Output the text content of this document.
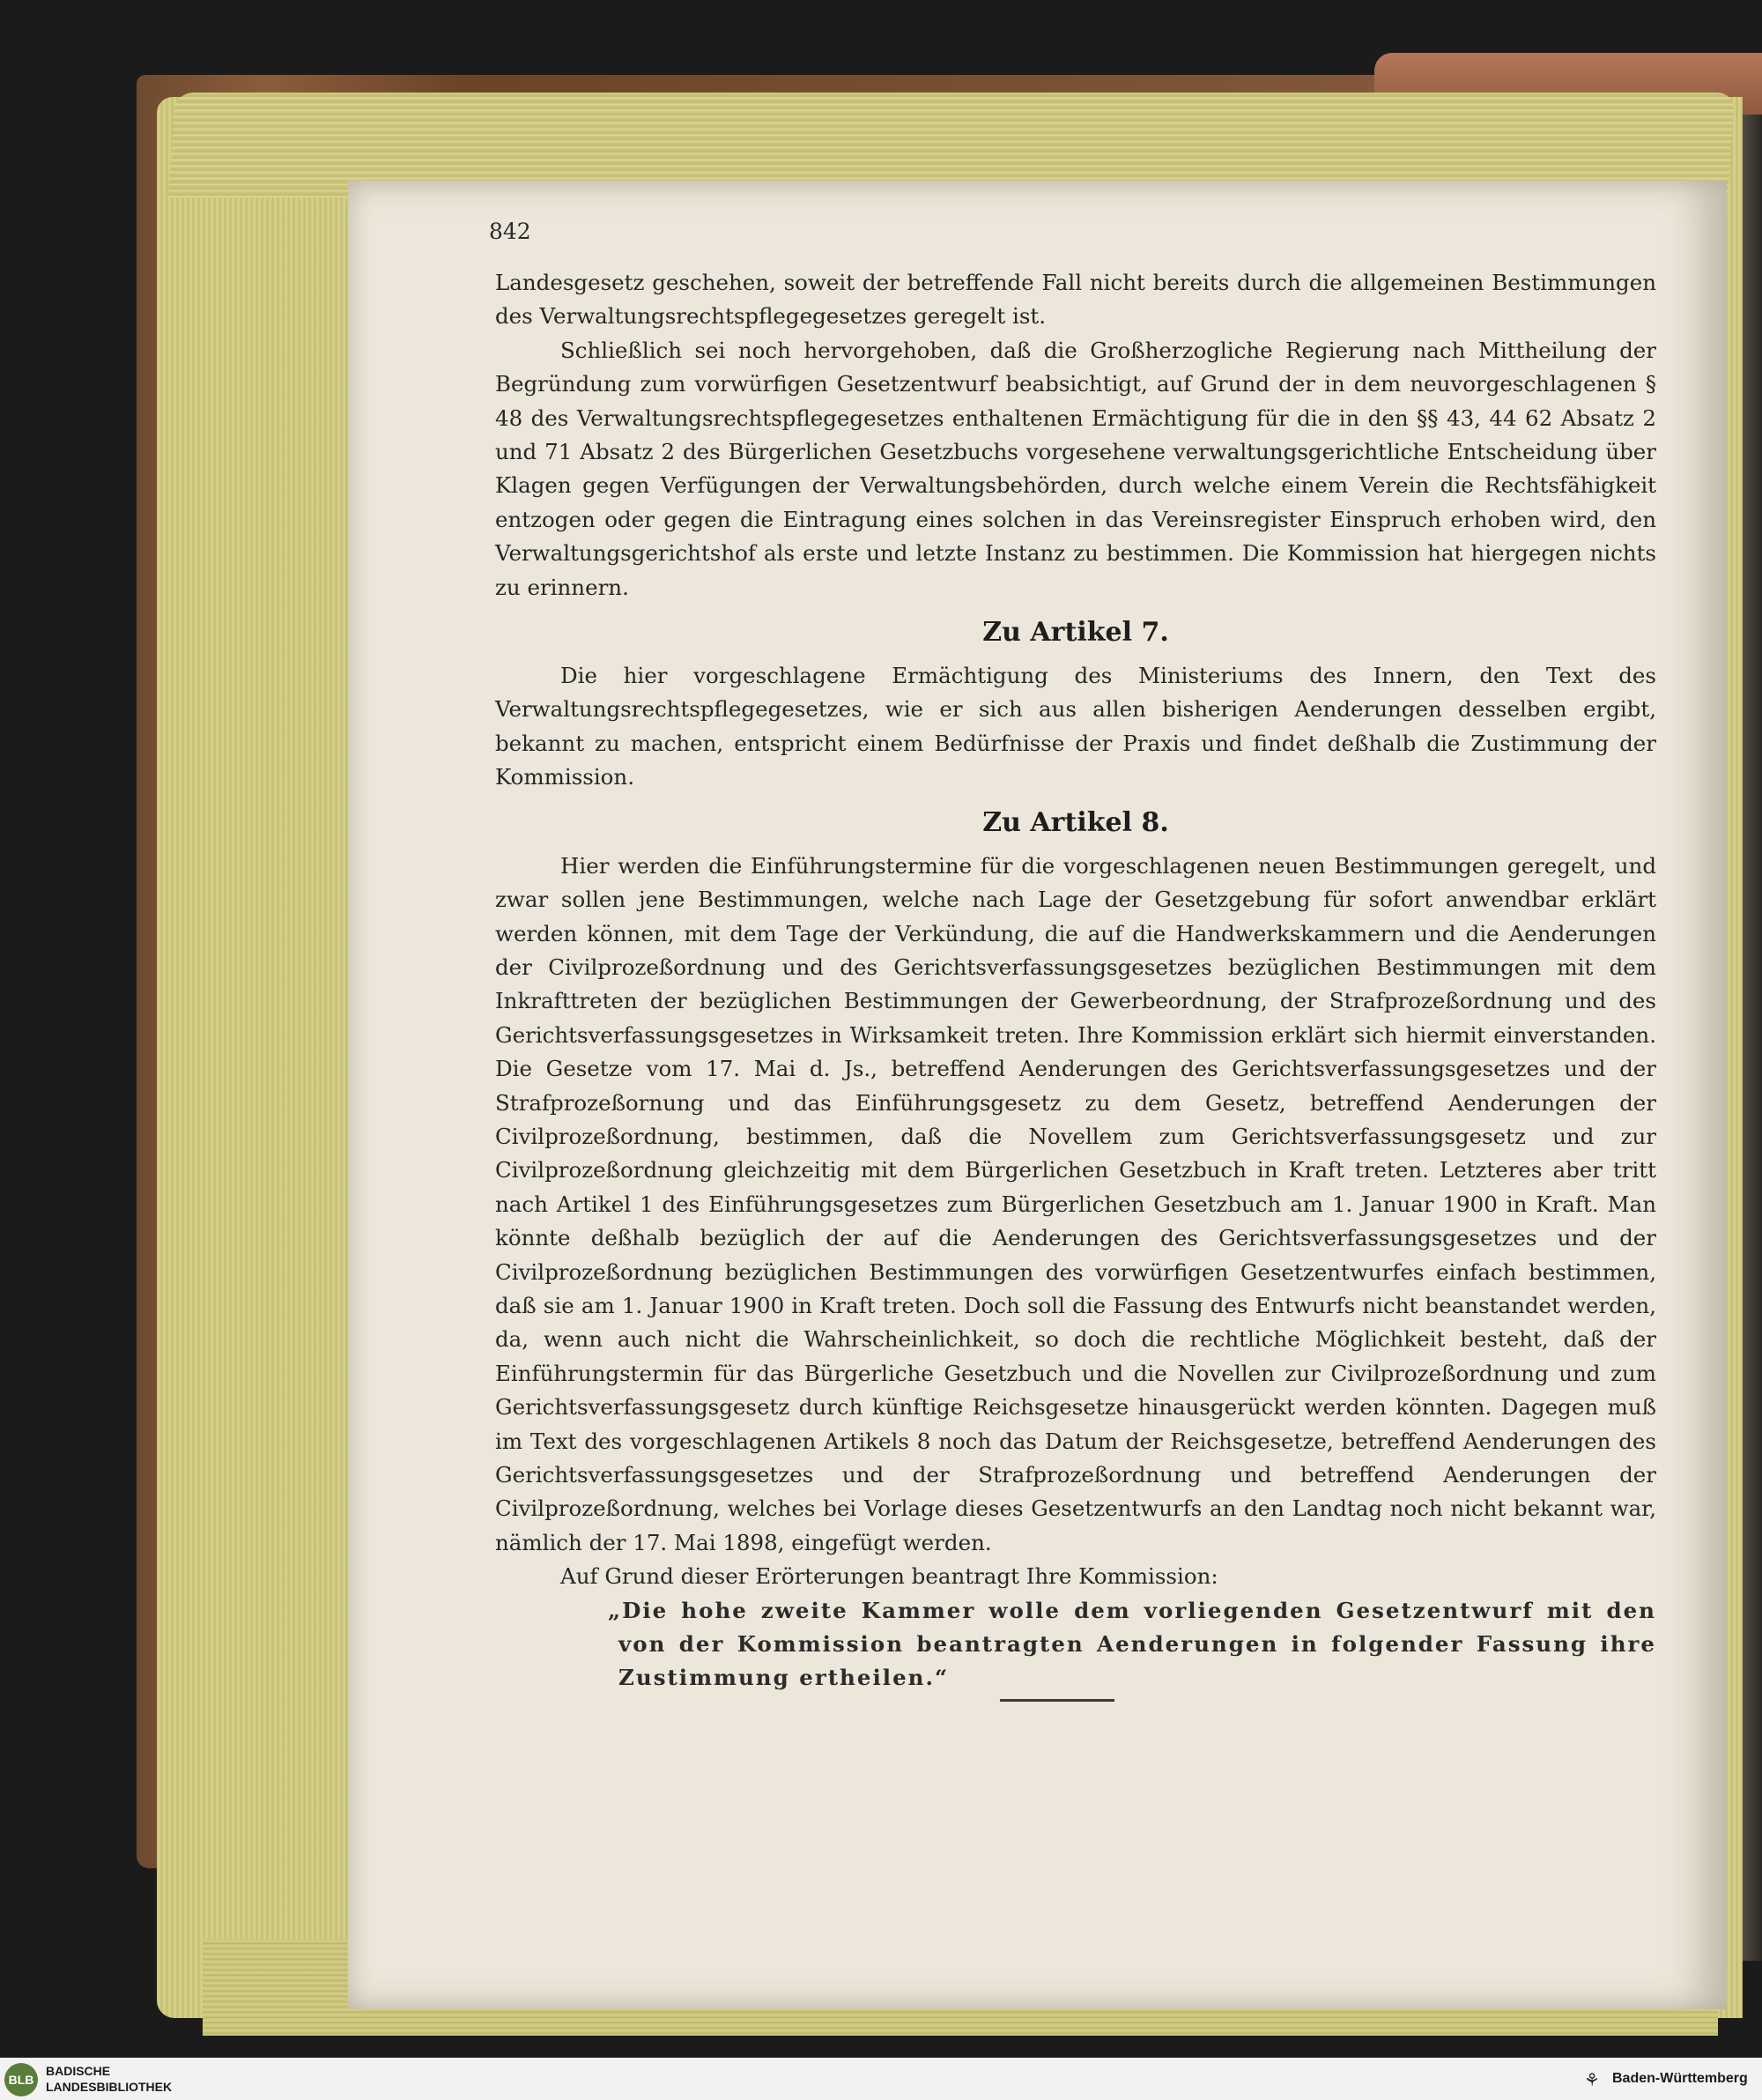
842

Landesgesetz geschehen, soweit der betreffende Fall nicht bereits durch die allgemeinen Bestimmungen des Verwaltungsrechtspflegegesetzes geregelt ist.

Schließlich sei noch hervorgehoben, daß die Großherzogliche Regierung nach Mittheilung der Begründung zum vorwürfigen Gesetzentwurf beabsichtigt, auf Grund der in dem neuvorgeschlagenen § 48 des Verwaltungsrechtspflegegesetzes enthaltenen Ermächtigung für die in den §§ 43, 44 62 Absatz 2 und 71 Absatz 2 des Bürgerlichen Gesetzbuchs vorgesehene verwaltungsgerichtliche Entscheidung über Klagen gegen Verfügungen der Verwaltungsbehörden, durch welche einem Verein die Rechtsfähigkeit entzogen oder gegen die Eintragung eines solchen in das Vereinsregister Einspruch erhoben wird, den Verwaltungsgerichtshof als erste und letzte Instanz zu bestimmen. Die Kommission hat hiergegen nichts zu erinnern.

Zu Artikel 7.

Die hier vorgeschlagene Ermächtigung des Ministeriums des Innern, den Text des Verwaltungsrechtspflegegesetzes, wie er sich aus allen bisherigen Aenderungen desselben ergibt, bekannt zu machen, entspricht einem Bedürfnisse der Praxis und findet deßhalb die Zustimmung der Kommission.

Zu Artikel 8.

Hier werden die Einführungstermine für die vorgeschlagenen neuen Bestimmungen geregelt, und zwar sollen jene Bestimmungen, welche nach Lage der Gesetzgebung für sofort anwendbar erklärt werden können, mit dem Tage der Verkündung, die auf die Handwerkskammern und die Aenderungen der Civilprozeßordnung und des Gerichtsverfassungsgesetzes bezüglichen Bestimmungen mit dem Inkrafttreten der bezüglichen Bestimmungen der Gewerbeordnung, der Strafprozeßordnung und des Gerichtsverfassungsgesetzes in Wirksamkeit treten. Ihre Kommission erklärt sich hiermit einverstanden. Die Gesetze vom 17. Mai d. Js., betreffend Aenderungen des Gerichtsverfassungsgesetzes und der Strafprozeßornung und das Einführungsgesetz zu dem Gesetz, betreffend Aenderungen der Civilprozeßordnung, bestimmen, daß die Novellem zum Gerichtsverfassungsgesetz und zur Civilprozeßordnung gleichzeitig mit dem Bürgerlichen Gesetzbuch in Kraft treten. Letzteres aber tritt nach Artikel 1 des Einführungsgesetzes zum Bürgerlichen Gesetzbuch am 1. Januar 1900 in Kraft. Man könnte deßhalb bezüglich der auf die Aenderungen des Gerichtsverfassungsgesetzes und der Civilprozeßordnung bezüglichen Bestimmungen des vorwürfigen Gesetzentwurfes einfach bestimmen, daß sie am 1. Januar 1900 in Kraft treten. Doch soll die Fassung des Entwurfs nicht beanstandet werden, da, wenn auch nicht die Wahrscheinlichkeit, so doch die rechtliche Möglichkeit besteht, daß der Einführungstermin für das Bürgerliche Gesetzbuch und die Novellen zur Civilprozeßordnung und zum Gerichtsverfassungsgesetz durch künftige Reichsgesetze hinausgerückt werden könnten. Dagegen muß im Text des vorgeschlagenen Artikels 8 noch das Datum der Reichsgesetze, betreffend Aenderungen des Gerichtsverfassungsgesetzes und der Strafprozeßordnung und betreffend Aenderungen der Civilprozeßordnung, welches bei Vorlage dieses Gesetzentwurfs an den Landtag noch nicht bekannt war, nämlich der 17. Mai 1898, eingefügt werden.

Auf Grund dieser Erörterungen beantragt Ihre Kommission:

„Die hohe zweite Kammer wolle dem vorliegenden Gesetzentwurf mit den von der Kommission beantragten Aenderungen in folgender Fassung ihre Zustimmung ertheilen.“

BLB
BADISCHE
LANDESBIBLIOTHEK	⚘ Baden-Württemberg
